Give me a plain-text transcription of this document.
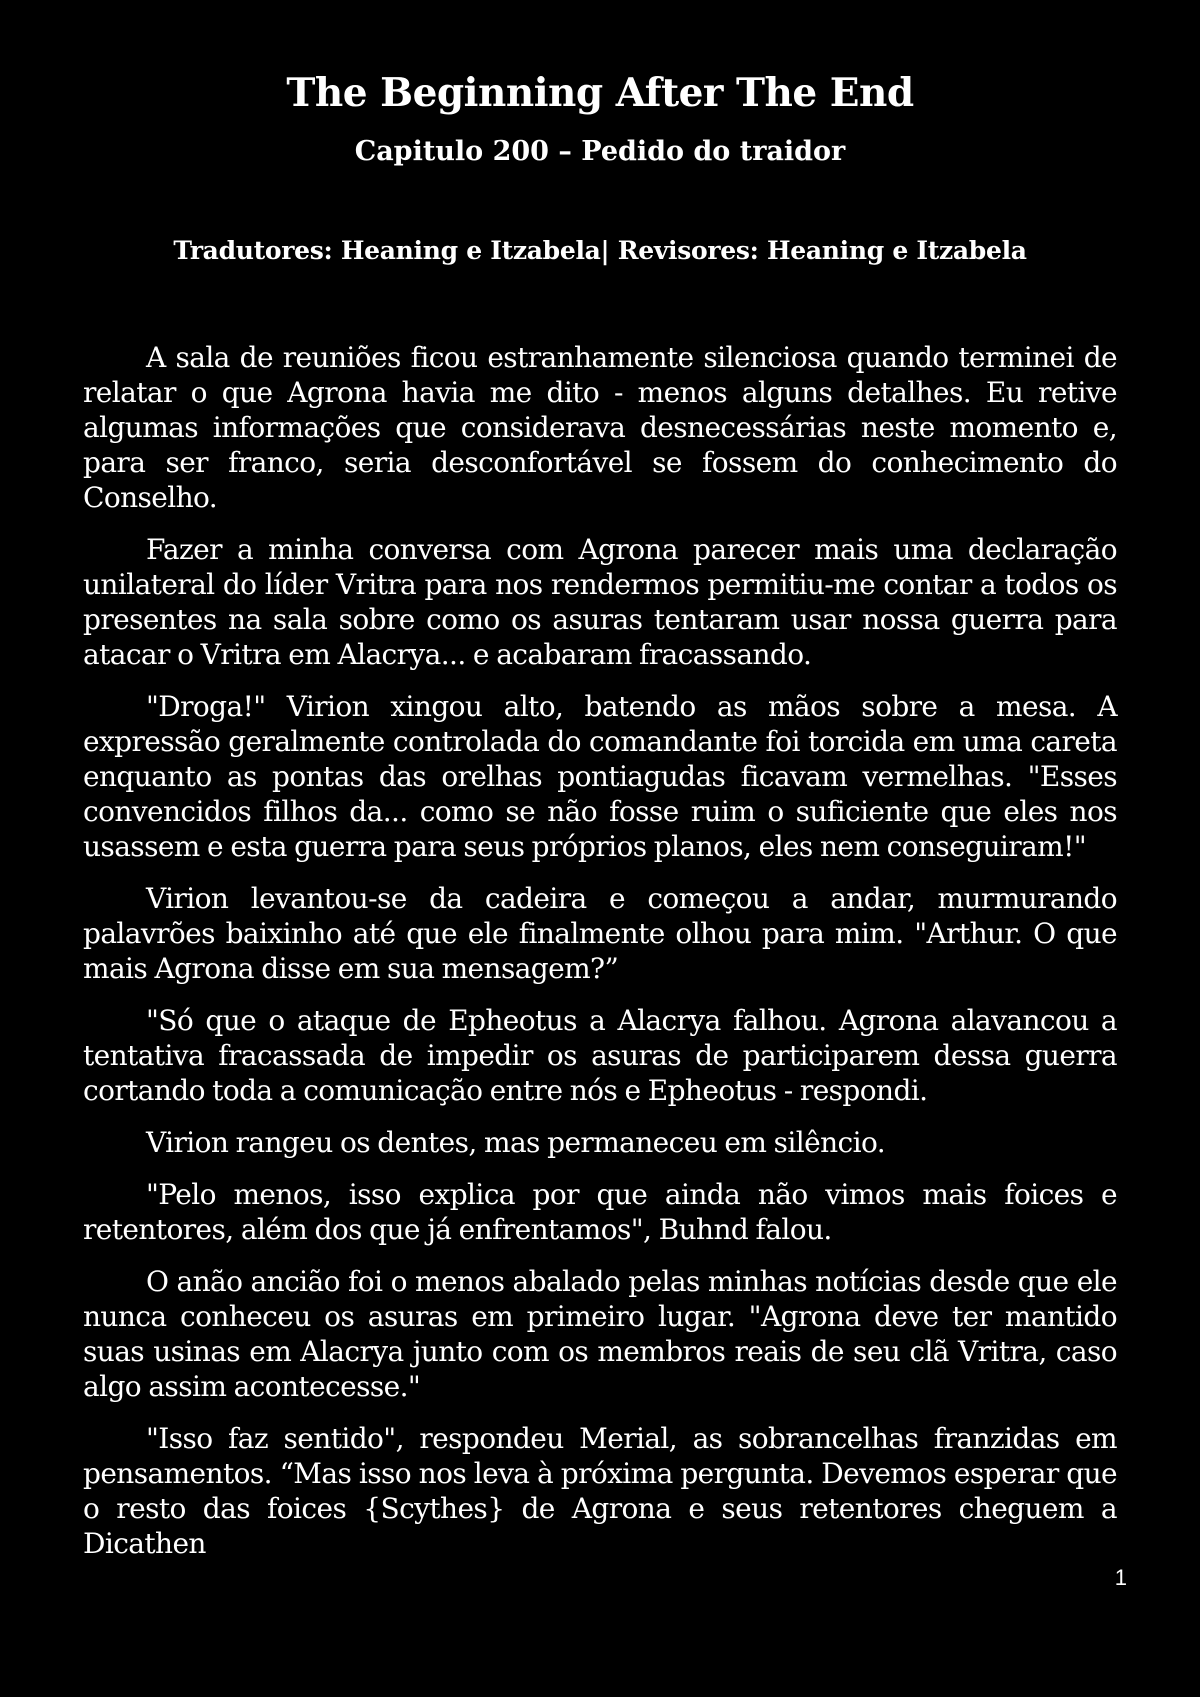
The Beginning After The End
Capitulo 200 – Pedido do traidor
Tradutores: Heaning e Itzabela| Revisores: Heaning e Itzabela

A sala de reuniões ficou estranhamente silenciosa quando terminei de relatar o que Agrona havia me dito - menos alguns detalhes. Eu retive algumas informações que considerava desnecessárias neste momento e, para ser franco, seria desconfortável se fossem do conhecimento do Conselho.

Fazer a minha conversa com Agrona parecer mais uma declaração unilateral do líder Vritra para nos rendermos permitiu-me contar a todos os presentes na sala sobre como os asuras tentaram usar nossa guerra para atacar o Vritra em Alacrya... e acabaram fracassando.

"Droga!" Virion xingou alto, batendo as mãos sobre a mesa. A expressão geralmente controlada do comandante foi torcida em uma careta enquanto as pontas das orelhas pontiagudas ficavam vermelhas. "Esses convencidos filhos da... como se não fosse ruim o suficiente que eles nos usassem e esta guerra para seus próprios planos, eles nem conseguiram!"

Virion levantou-se da cadeira e começou a andar, murmurando palavrões baixinho até que ele finalmente olhou para mim. "Arthur. O que mais Agrona disse em sua mensagem?”

"Só que o ataque de Epheotus a Alacrya falhou. Agrona alavancou a tentativa fracassada de impedir os asuras de participarem dessa guerra cortando toda a comunicação entre nós e Epheotus - respondi.

Virion rangeu os dentes, mas permaneceu em silêncio.

"Pelo menos, isso explica por que ainda não vimos mais foices e retentores, além dos que já enfrentamos", Buhnd falou.

O anão ancião foi o menos abalado pelas minhas notícias desde que ele nunca conheceu os asuras em primeiro lugar. "Agrona deve ter mantido suas usinas em Alacrya junto com os membros reais de seu clã Vritra, caso algo assim acontecesse."

"Isso faz sentido", respondeu Merial, as sobrancelhas franzidas em pensamentos. “Mas isso nos leva à próxima pergunta. Devemos esperar que o resto das foices {Scythes} de Agrona e seus retentores cheguem a Dicathen

1
